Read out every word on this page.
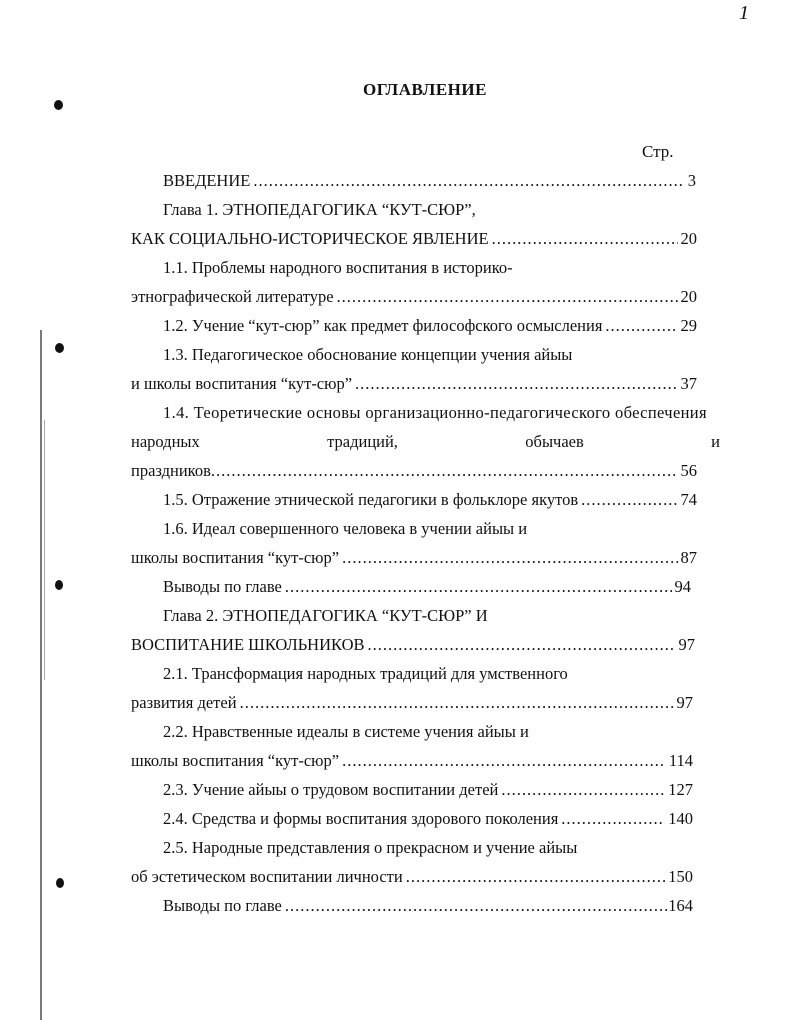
1
ОГЛАВЛЕНИЕ
Стр.
ВВЕДЕНИЕ .....	3
Глава 1. ЭТНОПЕДАГОГИКА “КУТ-СЮР”,
КАК СОЦИАЛЬНО-ИСТОРИЧЕСКОЕ ЯВЛЕНИЕ .....	20
1.1. Проблемы народного воспитания в историко-
этнографической литературе .....	20
1.2. Учение “кут-сюр” как предмет философского осмысления .....	29
1.3. Педагогическое обоснование концепции учения айыы
и школы воспитания “кут-сюр” .....	37
1.4. Теоретические основы организационно-педагогического обеспечения
народных	традиций,	обычаев	и
праздников .....	56
1.5. Отражение этнической педагогики в фольклоре якутов .....	74
1.6. Идеал совершенного человека в учении айыы и
школы воспитания “кут-сюр” .....	87
Выводы по главе .....	94
Глава 2. ЭТНОПЕДАГОГИКА “КУТ-СЮР” И
ВОСПИТАНИЕ ШКОЛЬНИКОВ .....	97
2.1. Трансформация народных традиций для умственного
развития детей .....	97
2.2. Нравственные идеалы в системе учения айыы и
школы воспитания “кут-сюр” .....	114
2.3. Учение айыы о трудовом воспитании детей .....	127
2.4. Средства и формы воспитания здорового поколения .....	140
2.5. Народные представления о прекрасном и учение айыы
об эстетическом воспитании личности .....	150
Выводы по главе .....	164
